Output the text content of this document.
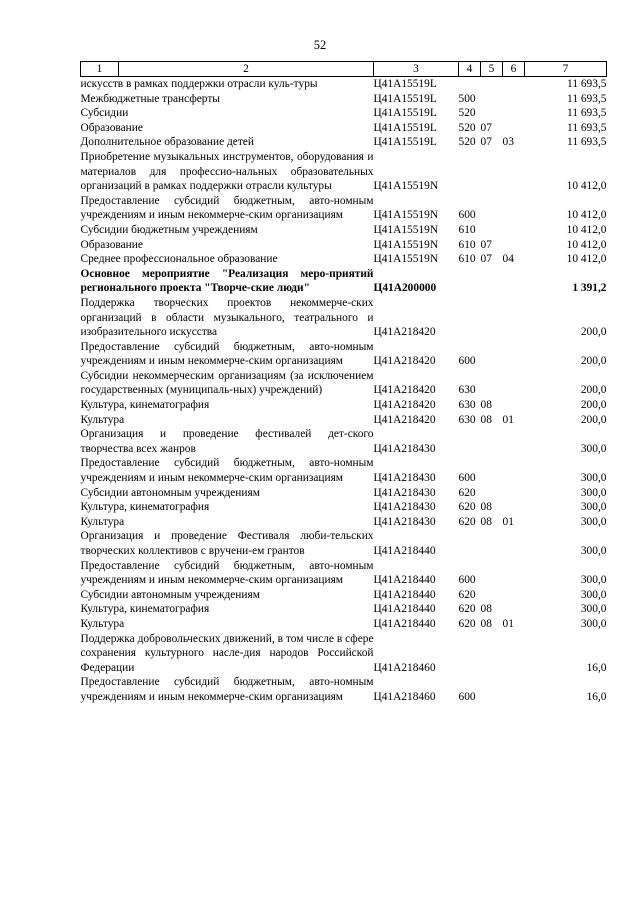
52
1	2	3	4	5	6	7
искусств в рамках поддержки отрасли куль-туры		Ц41А15519L				11 693,5
Межбюджетные трансферты		Ц41А15519L	500			11 693,5
Субсидии		Ц41А15519L	520			11 693,5
Образование		Ц41А15519L	520	07		11 693,5
Дополнительное образование детей		Ц41А15519L	520	07	03	11 693,5
Приобретение музыкальных инструментов, оборудования и материалов для профессио-нальных образовательных организаций в рамках поддержки отрасли культуры		Ц41А15519N				10 412,0
Предоставление субсидий бюджетным, авто-номным учреждениям и иным некоммерче-ским организациям		Ц41А15519N	600			10 412,0
Субсидии бюджетным учреждениям		Ц41А15519N	610			10 412,0
Образование		Ц41А15519N	610	07		10 412,0
Среднее профессиональное образование		Ц41А15519N	610	07	04	10 412,0
Основное мероприятие "Реализация меро-приятий регионального проекта "Творче-ские люди"		Ц41А200000				1 391,2
Поддержка творческих проектов некоммерче-ских организаций в области музыкального, театрального и изобразительного искусства		Ц41А218420				200,0
Предоставление субсидий бюджетным, авто-номным учреждениям и иным некоммерче-ским организациям		Ц41А218420	600			200,0
Субсидии некоммерческим организациям (за исключением государственных (муниципаль-ных) учреждений)		Ц41А218420	630			200,0
Культура, кинематография		Ц41А218420	630	08		200,0
Культура		Ц41А218420	630	08	01	200,0
Организация и проведение фестивалей дет-ского творчества всех жанров		Ц41А218430				300,0
Предоставление субсидий бюджетным, авто-номным учреждениям и иным некоммерче-ским организациям		Ц41А218430	600			300,0
Субсидии автономным учреждениям		Ц41А218430	620			300,0
Культура, кинематография		Ц41А218430	620	08		300,0
Культура		Ц41А218430	620	08	01	300,0
Организация и проведение Фестиваля люби-тельских творческих коллективов с вручени-ем грантов		Ц41А218440				300,0
Предоставление субсидий бюджетным, авто-номным учреждениям и иным некоммерче-ским организациям		Ц41А218440	600			300,0
Субсидии автономным учреждениям		Ц41А218440	620			300,0
Культура, кинематография		Ц41А218440	620	08		300,0
Культура		Ц41А218440	620	08	01	300,0
Поддержка добровольческих движений, в том числе в сфере сохранения культурного насле-дия народов Российской Федерации		Ц41А218460				16,0
Предоставление субсидий бюджетным, авто-номным учреждениям и иным некоммерче-ским организациям		Ц41А218460	600			16,0
